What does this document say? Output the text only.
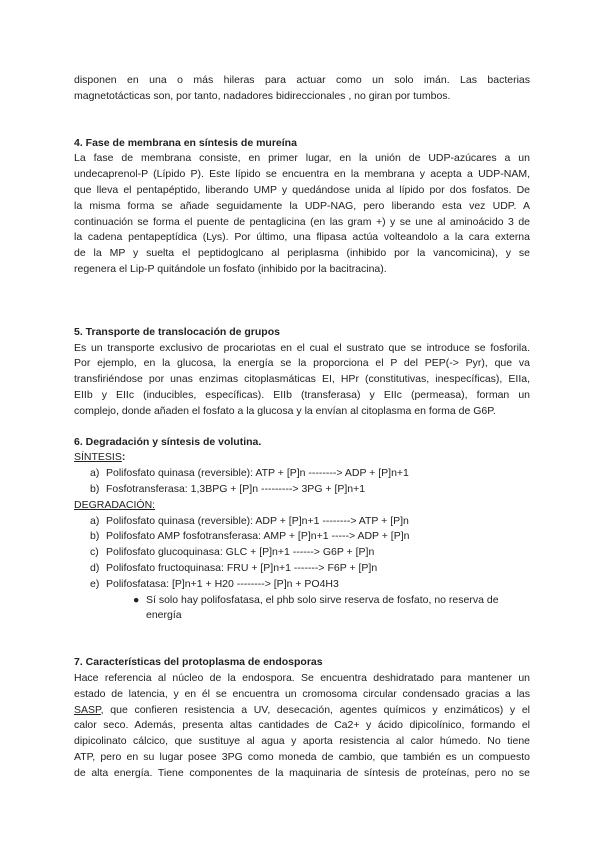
disponen en una o más hileras para actuar como un solo imán. Las bacterias
magnetotácticas son, por tanto, nadadores bidireccionales , no giran por tumbos.
4. Fase de membrana en síntesis de mureína
La fase de membrana consiste, en primer lugar, en la unión de UDP-azúcares a un
undecaprenol-P (Lípido P). Este lípido se encuentra en la membrana y acepta a UDP-NAM,
que lleva el pentapéptido, liberando UMP y quedándose unida al lípido por dos fosfatos. De
la misma forma se añade seguidamente la UDP-NAG, pero liberando esta vez UDP. A
continuación se forma el puente de pentaglicina (en las gram +) y se une al aminoácido 3 de
la cadena pentapeptídica (Lys). Por último, una flipasa actúa volteandolo a la cara externa
de la MP y suelta el peptidoglcano al periplasma (inhibido por la vancomicina), y se
regenera el Lip-P quitándole un fosfato (inhibido por la bacitracina).
5. Transporte de translocación de grupos
Es un transporte exclusivo de procariotas en el cual el sustrato que se introduce se fosforila.
Por ejemplo, en la glucosa, la energía se la proporciona el P del PEP(-> Pyr), que va
transfiriéndose por unas enzimas citoplasmáticas EI, HPr (constitutivas, inespecíficas), EIIa,
EIIb y EIIc (inducibles, específicas). EIIb (transferasa) y EIIc (permeasa), forman un
complejo, donde añaden el fosfato a la glucosa y la envían al citoplasma en forma de G6P.
6. Degradación y síntesis de volutina.
SÍNTESIS:
a) Polifosfato quinasa (reversible): ATP + [P]n --------> ADP + [P]n+1
b) Fosfotransferasa: 1,3BPG + [P]n ---------> 3PG + [P]n+1
DEGRADACIÓN:
a) Polifosfato quinasa (reversible): ADP + [P]n+1 --------> ATP + [P]n
b) Polifosfato AMP fosfotransferasa: AMP + [P]n+1 -----> ADP + [P]n
c) Polifosfato glucoquinasa: GLC + [P]n+1 ------> G6P + [P]n
d) Polifosfato fructoquinasa: FRU + [P]n+1 -------> F6P + [P]n
e) Polifosfatasa: [P]n+1 + H20 --------> [P]n + PO4H3
● Sí solo hay polifosfatasa, el phb solo sirve reserva de fosfato, no reserva de energía
7. Características del protoplasma de endosporas
Hace referencia al núcleo de la endospora. Se encuentra deshidratado para mantener un
estado de latencia, y en él se encuentra un cromosoma circular condensado gracias a las
SASP, que confieren resistencia a UV, desecación, agentes químicos y enzimáticos) y el
calor seco. Además, presenta altas cantidades de Ca2+ y ácido dipicolínico, formando el
dipicolinato cálcico, que sustituye al agua y aporta resistencia al calor húmedo. No tiene
ATP, pero en su lugar posee 3PG como moneda de cambio, que también es un compuesto
de alta energía. Tiene componentes de la maquinaria de síntesis de proteínas, pero no se
